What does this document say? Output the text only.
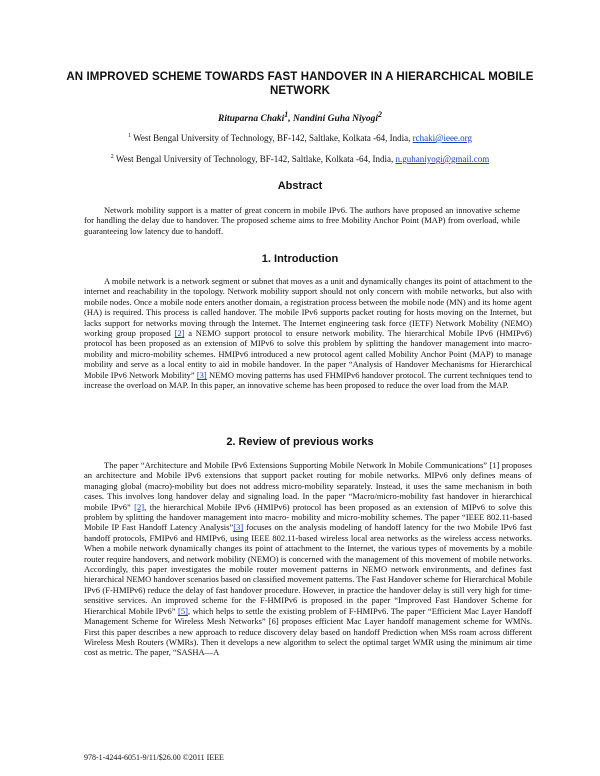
AN IMPROVED SCHEME TOWARDS FAST HANDOVER IN A HIERARCHICAL MOBILE NETWORK
Rituparna Chaki$^1$, Nandini Guha Niyogi$^2$
$^1$ West Bengal University of Technology, BF-142, Saltlake, Kolkata -64, India, rchaki@ieee.org
$^2$ West Bengal University of Technology, BF-142, Saltlake, Kolkata -64, India, n.guhaniyogi@gmail.com
Abstract

Network mobility support is a matter of great concern in mobile IPv6. The authors have proposed an innovative scheme for handling the delay due to handover. The proposed scheme aims to free Mobility Anchor Point (MAP) from overload, while guaranteeing low latency due to handoff.

1. Introduction

A mobile network is a network segment or subnet that moves as a unit and dynamically changes its point of attachment to the internet and reachability in the topology. Network mobility support should not only concern with mobile networks, but also with mobile nodes. Once a mobile node enters another domain, a registration process between the mobile node (MN) and its home agent (HA) is required. This process is called handover. The mobile IPv6 supports packet routing for hosts moving on the Internet, but lacks support for networks moving through the Internet. The Internet engineering task force (IETF) Network Mobility (NEMO) working group proposed [2] a NEMO support protocol to ensure network mobility. The hierarchical Mobile IPv6 (HMIPv6) protocol has been proposed as an extension of MIPv6 to solve this problem by splitting the handover management into macro-mobility and micro-mobility schemes. HMIPv6 introduced a new protocol agent called Mobility Anchor Point (MAP) to manage mobility and serve as a local entity to aid in mobile handover. In the paper “Analysis of Handover Mechanisms for Hierarchical Mobile IPv6 Network Mobility” [3] NEMO moving patterns has used FHMIPv6 handover protocol. The current techniques tend to increase the overload on MAP. In this paper, an innovative scheme has been proposed to reduce the over load from the MAP.

2. Review of previous works

The paper “Architecture and Mobile IPv6 Extensions Supporting Mobile Network In Mobile Communications” [1] proposes an architecture and Mobile IPv6 extensions that support packet routing for mobile networks. MIPv6 only defines means of managing global (macro)-mobility but does not address micro-mobility separately. Instead, it uses the same mechanism in both cases. This involves long handover delay and signaling load. In the paper “Macro/micro-mobility fast handover in hierarchical mobile IPv6” [2], the hierarchical Mobile IPv6 (HMIPv6) protocol has been proposed as an extension of MIPv6 to solve this problem by splitting the handover management into macro- mobility and micro-mobility schemes. The paper “IEEE 802.11-based Mobile IP Fast Handoff Latency Analysis”[3] focuses on the analysis modeling of handoff latency for the two Mobile IPv6 fast handoff protocols, FMIPv6 and HMIPv6, using IEEE 802.11-based wireless local area networks as the wireless access networks. When a mobile network dynamically changes its point of attachment to the Internet, the various types of movements by a mobile router require handovers, and network mobility (NEMO) is concerned with the management of this movement of mobile networks. Accordingly, this paper investigates the mobile router movement patterns in NEMO network environments, and defines fast hierarchical NEMO handover scenarios based on classified movement patterns. The Fast Handover scheme for Hierarchical Mobile IPv6 (F-HMIPv6) reduce the delay of fast handover procedure. However, in practice the handover delay is still very high for time-sensitive services. An improved scheme for the F-HMIPv6 is proposed in the paper “Improved Fast Handover Scheme for Hierarchical Mobile IPv6” [5], which helps to settle the existing problem of F-HMIPv6. The paper “Efficient Mac Layer Handoff Management Scheme for Wireless Mesh Networks” [6] proposes efficient Mac Layer handoff management scheme for WMNs. First this paper describes a new approach to reduce discovery delay based on handoff Prediction when MSs roam across different Wireless Mesh Routers (WMRs). Then it develops a new algorithm to select the optimal target WMR using the minimum air time cost as metric. The paper, “SASHA—A

978-1-4244-6051-9/11/$26.00 ©2011 IEEE
